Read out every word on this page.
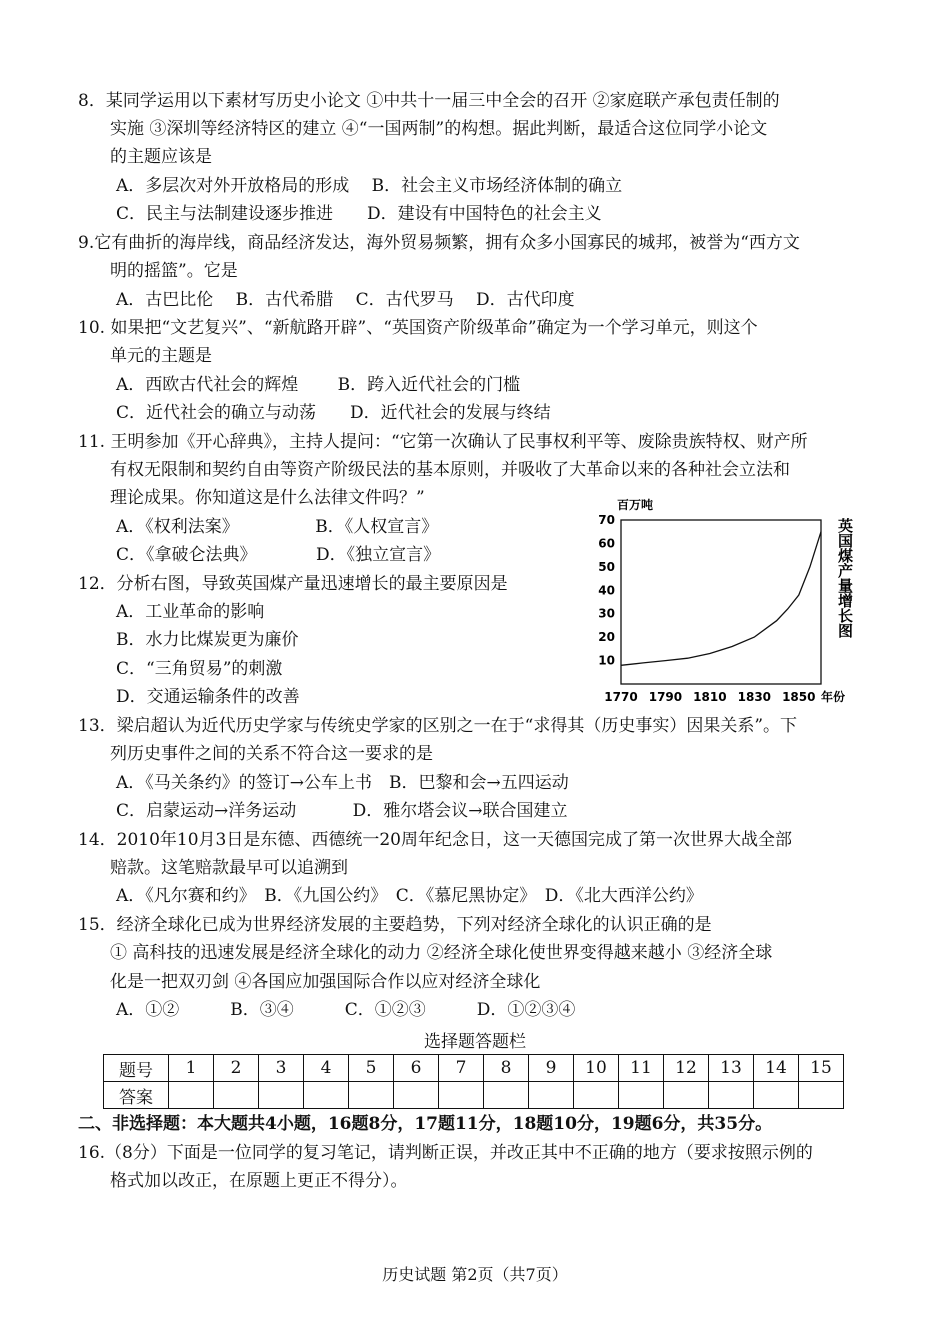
8．某同学运用以下素材写历史小论文 ①中共十一届三中全会的召开 ②家庭联产承包责任制的
实施 ③深圳等经济特区的建立 ④“一国两制”的构想。据此判断，最适合这位同学小论文
的主题应该是
A．多层次对外开放格局的形成　 B．社会主义市场经济体制的确立
C．民主与法制建设逐步推进　　D．建设有中国特色的社会主义
9.它有曲折的海岸线，商品经济发达，海外贸易频繁，拥有众多小国寡民的城邦，被誉为“西方文
明的摇篮”。它是
A．古巴比伦　 B．古代希腊　 C．古代罗马　 D．古代印度
10. 如果把“文艺复兴”、“新航路开辟”、“英国资产阶级革命”确定为一个学习单元，则这个
单元的主题是
A．西欧古代社会的辉煌　　 B．跨入近代社会的门槛
C．近代社会的确立与动荡　　D．近代社会的发展与终结
11. 王明参加《开心辞典》，主持人提问：“它第一次确认了民事权利平等、废除贵族特权、财产所
有权无限制和契约自由等资产阶级民法的基本原则，并吸收了大革命以来的各种社会立法和
理论成果。你知道这是什么法律文件吗？”
A．《权利法案》　　　　　B．《人权宣言》
C．《拿破仑法典》　　　　D．《独立宣言》
12．分析右图，导致英国煤产量迅速增长的最主要原因是
A．工业革命的影响
B．水力比煤炭更为廉价
C．“三角贸易”的刺激
D．交通运输条件的改善
百万吨
10
20
30
40
50
60
70
1770 1790 1810 1830 1850 年份
英国煤产量增长图
13．梁启超认为近代历史学家与传统史学家的区别之一在于“求得其（历史事实）因果关系”。下
列历史事件之间的关系不符合这一要求的是
A．《马关条约》的签订→公车上书　B．巴黎和会→五四运动
C．启蒙运动→洋务运动　　　 D．雅尔塔会议→联合国建立
14．2010年10月3日是东德、西德统一20周年纪念日，这一天德国完成了第一次世界大战全部
赔款。这笔赔款最早可以追溯到
A．《凡尔赛和约》　B．《九国公约》　C．《慕尼黑协定》　D．《北大西洋公约》
15．经济全球化已成为世界经济发展的主要趋势，下列对经济全球化的认识正确的是
① 高科技的迅速发展是经济全球化的动力 ②经济全球化使世界变得越来越小 ③经济全球
化是一把双刃剑 ④各国应加强国际合作以应对经济全球化
A．①②　　　B．③④　　　C．①②③　　　D．①②③④
选择题答题栏
题号	1	2	3	4	5	6	7	8	9	10	11	12	13	14	15
答案															
二、非选择题：本大题共4小题，16题8分，17题11分，18题10分，19题6分，共35分。
16.（8分）下面是一位同学的复习笔记，请判断正误，并改正其中不正确的地方（要求按照示例的
格式加以改正，在原题上更正不得分）。
历史试题 第2页（共7页）
